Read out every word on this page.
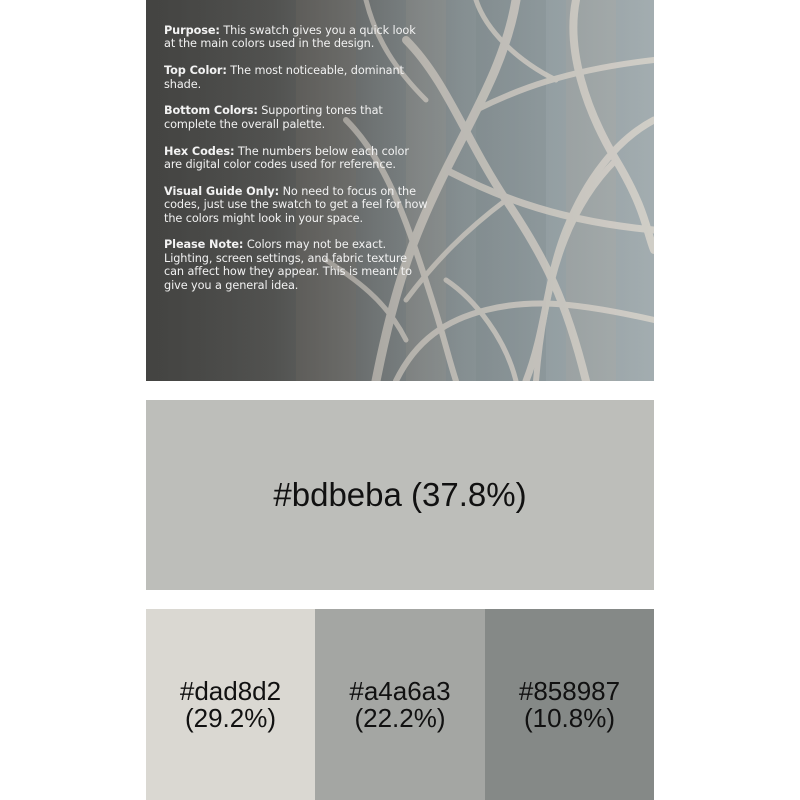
Purpose: This swatch gives you a quick look at the main colors used in the design.

Top Color: The most noticeable, dominant shade.

Bottom Colors: Supporting tones that complete the overall palette.

Hex Codes: The numbers below each color are digital color codes used for reference.

Visual Guide Only: No need to focus on the codes, just use the swatch to get a feel for how the colors might look in your space.

Please Note: Colors may not be exact. Lighting, screen settings, and fabric texture can affect how they appear. This is meant to give you a general idea.

#bdbeba
(37.8%)
#dad8d2
(29.2%)
#a4a6a3
(22.2%)
#858987
(10.8%)
